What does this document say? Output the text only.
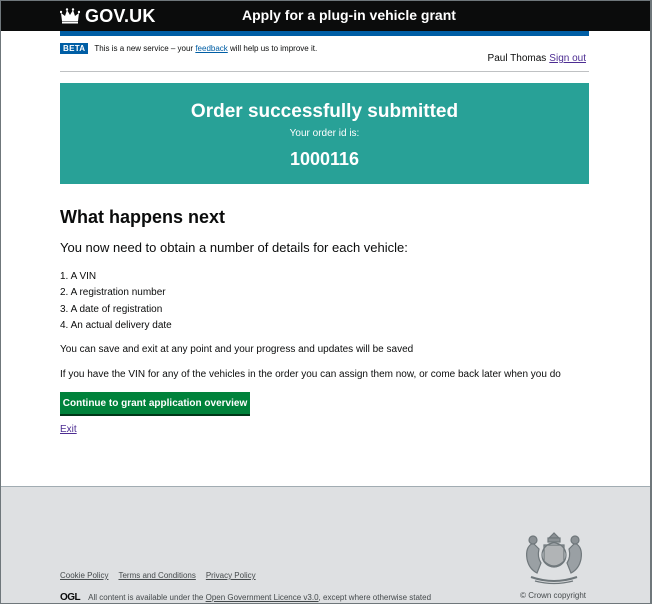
GOV.UK	Apply for a plug-in vehicle grant
BETA	This is a new service – your feedback will help us to improve it.
Paul Thomas Sign out
Order successfully submitted
Your order id is:
1000116
What happens next

You now need to obtain a number of details for each vehicle:

1. A VIN
2. A registration number
3. A date of registration
4. An actual delivery date

You can save and exit at any point and your progress and updates will be saved

If you have the VIN for any of the vehicles in the order you can assign them now, or come back later when you do

Continue to grant application overview
Exit
Cookie Policy Terms and Conditions Privacy Policy
OGL All content is available under the
Open Government Licence v3.0 , except where otherwise stated	© Crown copyright
